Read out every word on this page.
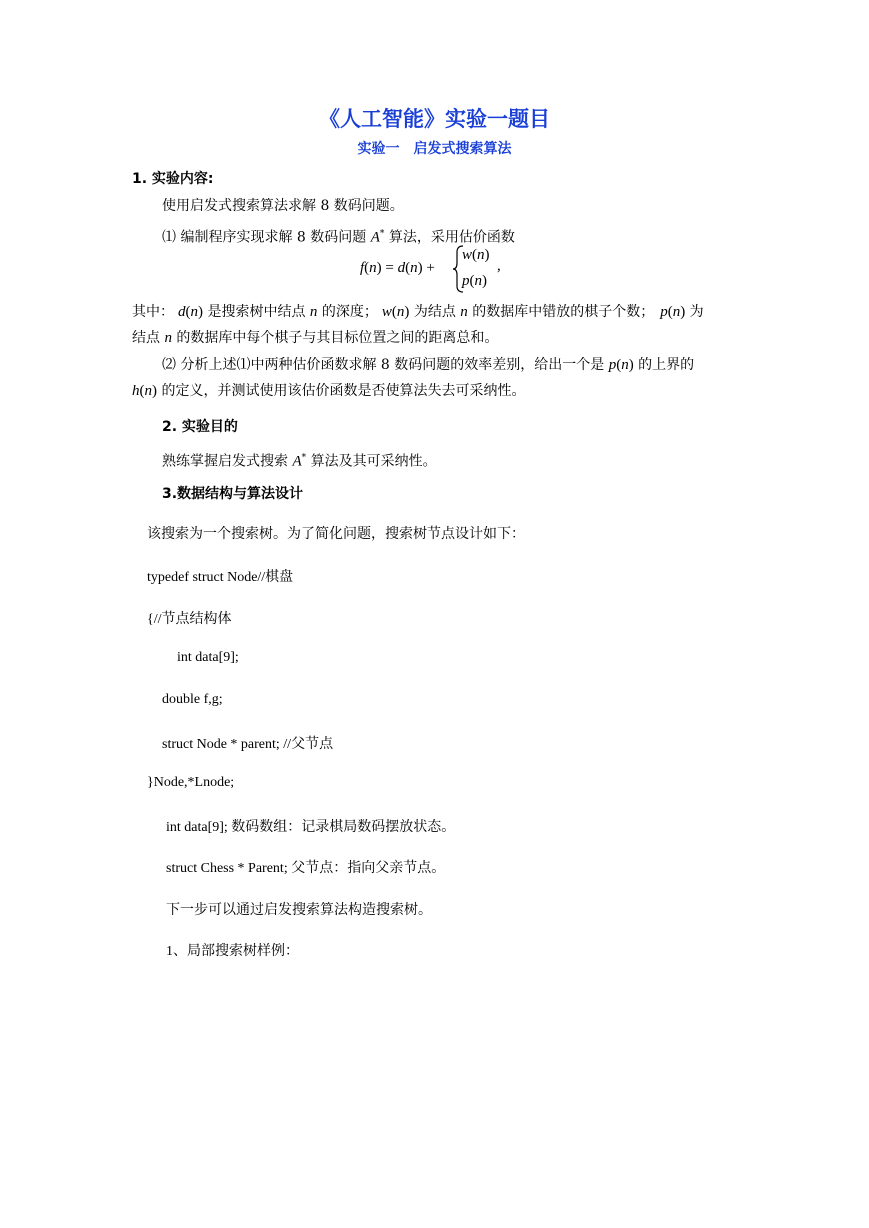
《人工智能》实验一题目
实验一 启发式搜索算法
1. 实验内容:
使用启发式搜索算法求解 8 数码问题。
⑴ 编制程序实现求解 8 数码问题 A* 算法，采用估价函数
f(n) = d(n) +
w(n)
p(n)
,
其中： d(n) 是搜索树中结点 n 的深度； w(n) 为结点 n 的数据库中错放的棋子个数； p(n) 为
结点 n 的数据库中每个棋子与其目标位置之间的距离总和。
⑵ 分析上述⑴中两种估价函数求解 8 数码问题的效率差别，给出一个是 p(n) 的上界的
h(n) 的定义，并测试使用该估价函数是否使算法失去可采纳性。
2. 实验目的
熟练掌握启发式搜索 A* 算法及其可采纳性。
3.数据结构与算法设计
该搜索为一个搜索树。为了简化问题，搜索树节点设计如下：
typedef struct Node//棋盘
{//节点结构体
int data[9];
double f,g;
struct Node * parent; //父节点
}Node,*Lnode;
int data[9]; 数码数组：记录棋局数码摆放状态。
struct Chess * Parent; 父节点：指向父亲节点。
下一步可以通过启发搜索算法构造搜索树。
1、局部搜索树样例：
